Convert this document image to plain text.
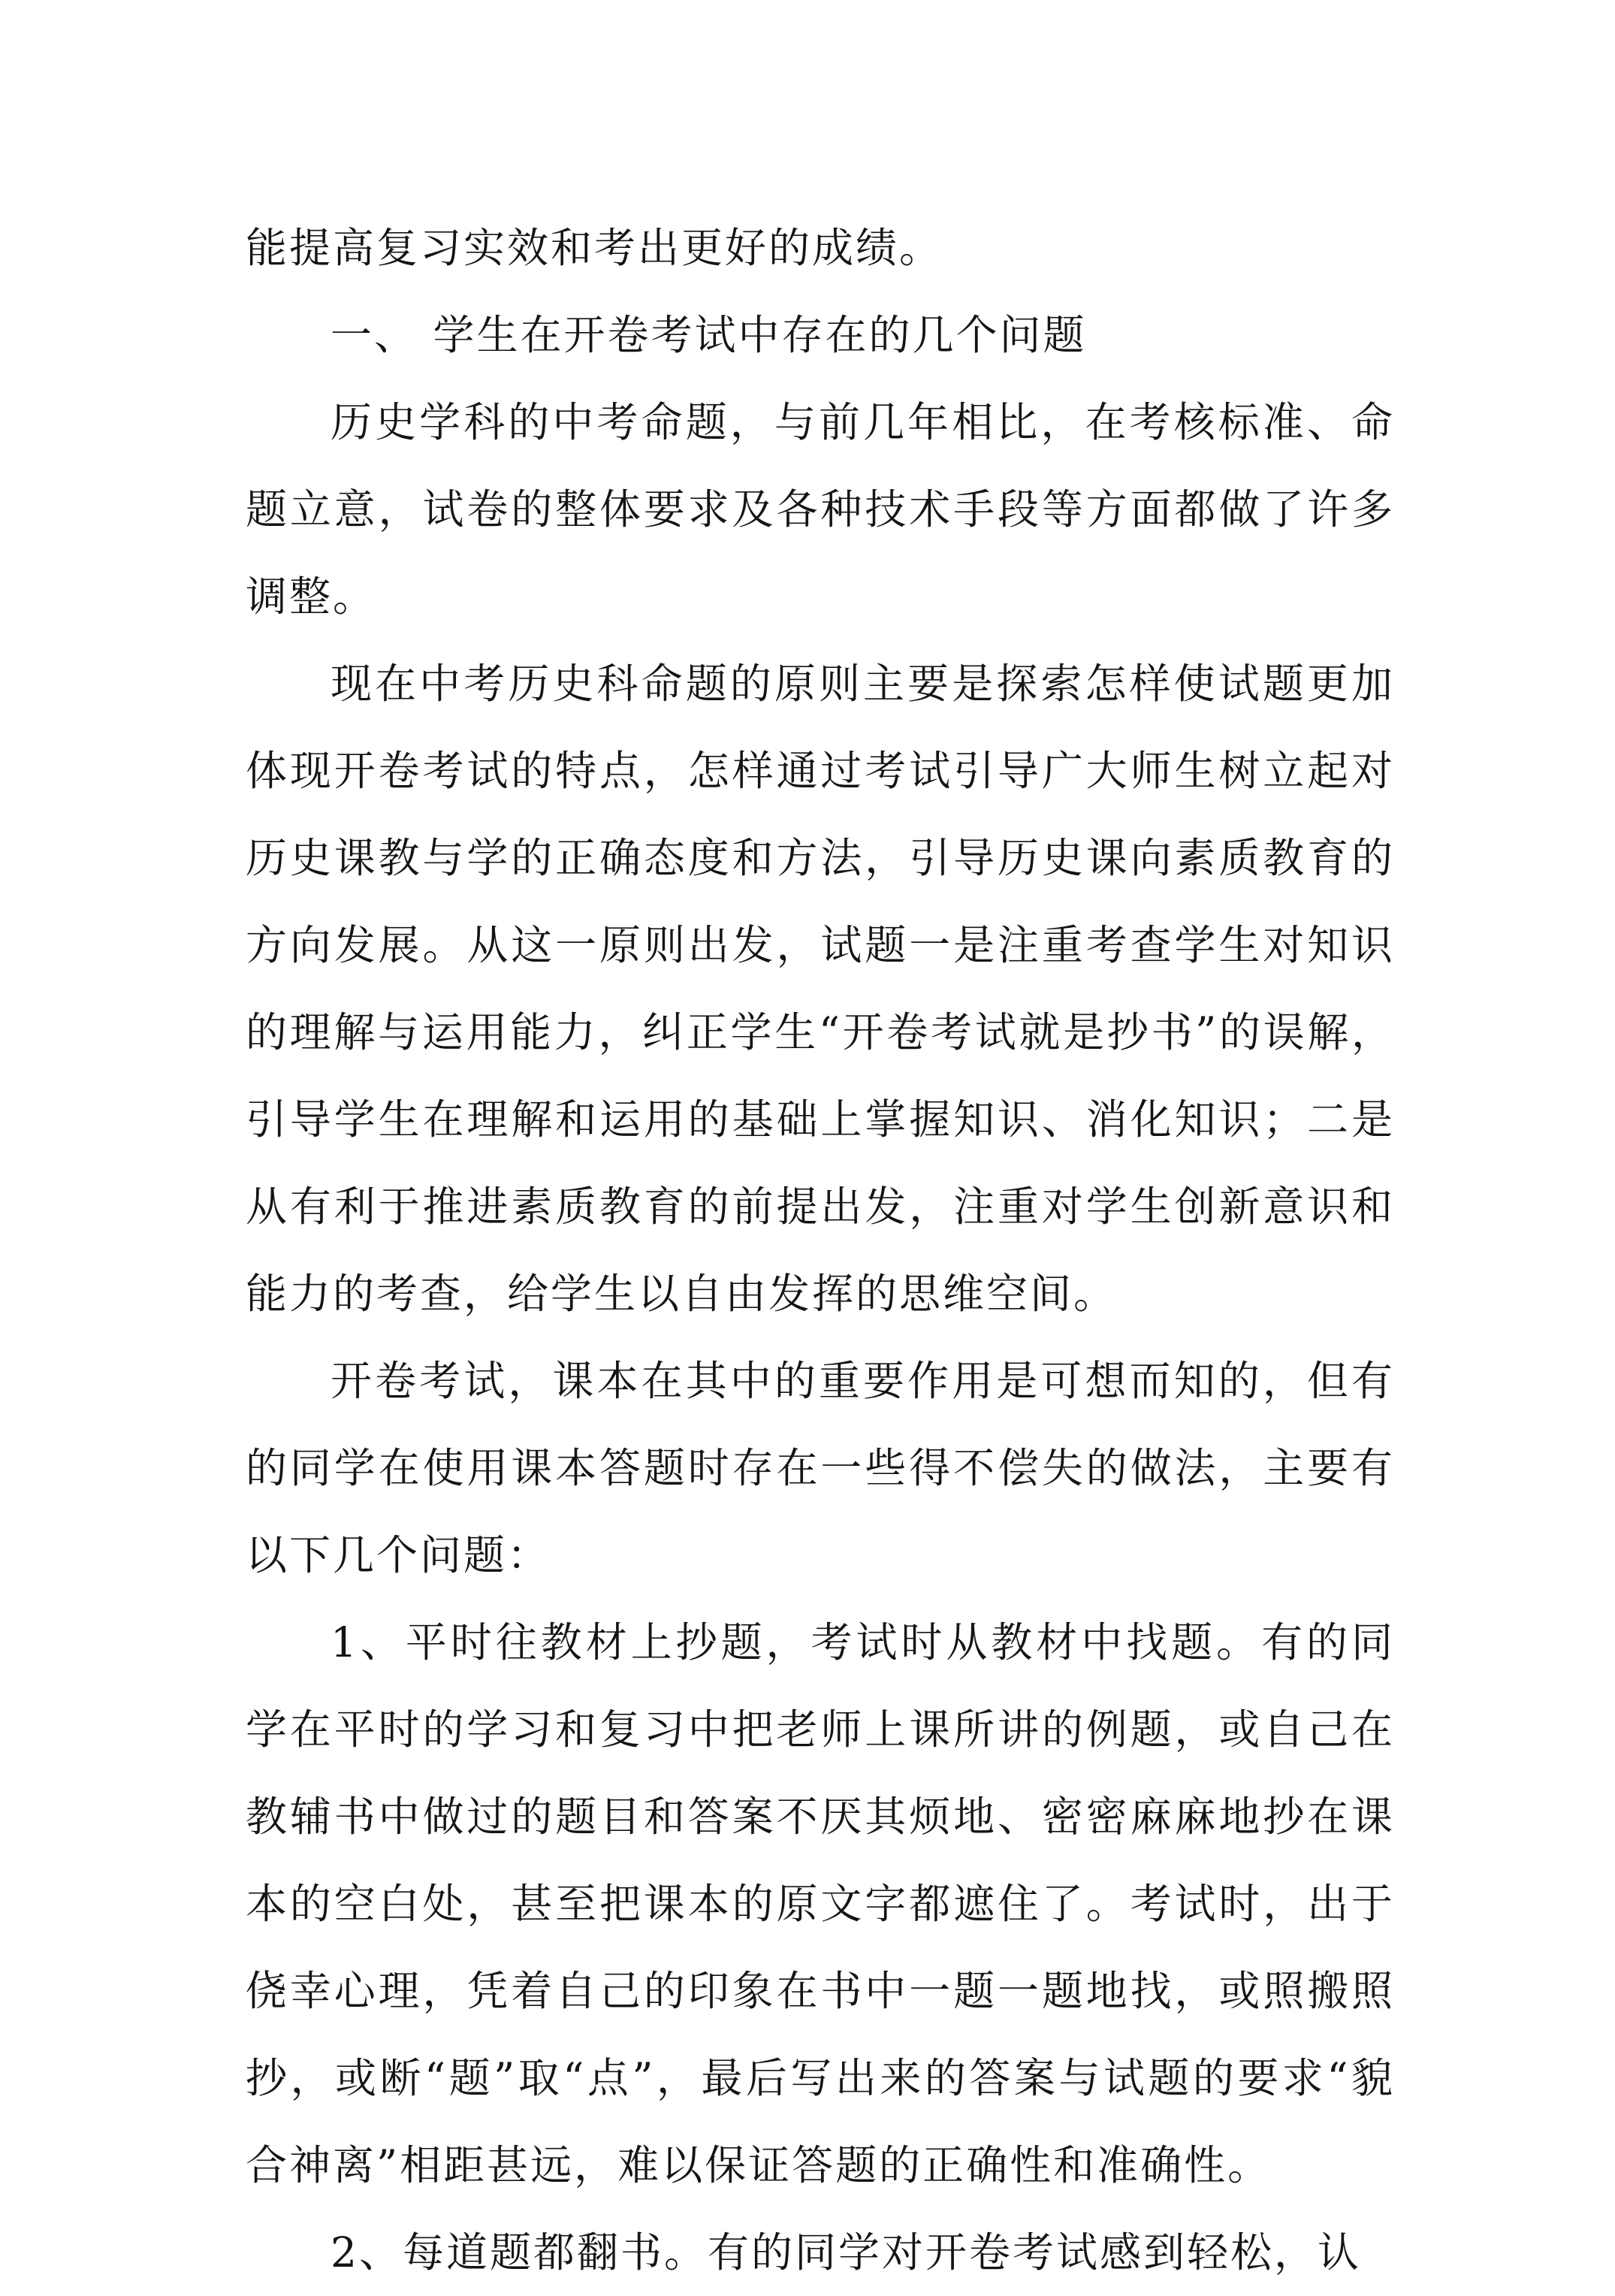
能提高复习实效和考出更好的成绩。

一、 学生在开卷考试中存在的几个问题

历史学科的中考命题，与前几年相比，在考核标准、命题立意，试卷的整体要求及各种技术手段等方面都做了许多调整。

现在中考历史科命题的原则主要是探索怎样使试题更加体现开卷考试的特点，怎样通过考试引导广大师生树立起对历史课教与学的正确态度和方法，引导历史课向素质教育的方向发展。从这一原则出发，试题一是注重考查学生对知识的理解与运用能力，纠正学生“开卷考试就是抄书”的误解，引导学生在理解和运用的基础上掌握知识、消化知识；二是从有利于推进素质教育的前提出发，注重对学生创新意识和能力的考查，给学生以自由发挥的思维空间。

开卷考试，课本在其中的重要作用是可想而知的，但有的同学在使用课本答题时存在一些得不偿失的做法，主要有以下几个问题：

1、平时往教材上抄题，考试时从教材中找题。有的同学在平时的学习和复习中把老师上课所讲的例题，或自己在教辅书中做过的题目和答案不厌其烦地、密密麻麻地抄在课本的空白处，甚至把课本的原文字都遮住了。考试时，出于侥幸心理，凭着自己的印象在书中一题一题地找，或照搬照抄，或断“题”取“点”，最后写出来的答案与试题的要求“貌合神离”相距甚远，难以保证答题的正确性和准确性。

2、每道题都翻书。有的同学对开卷考试感到轻松，认
